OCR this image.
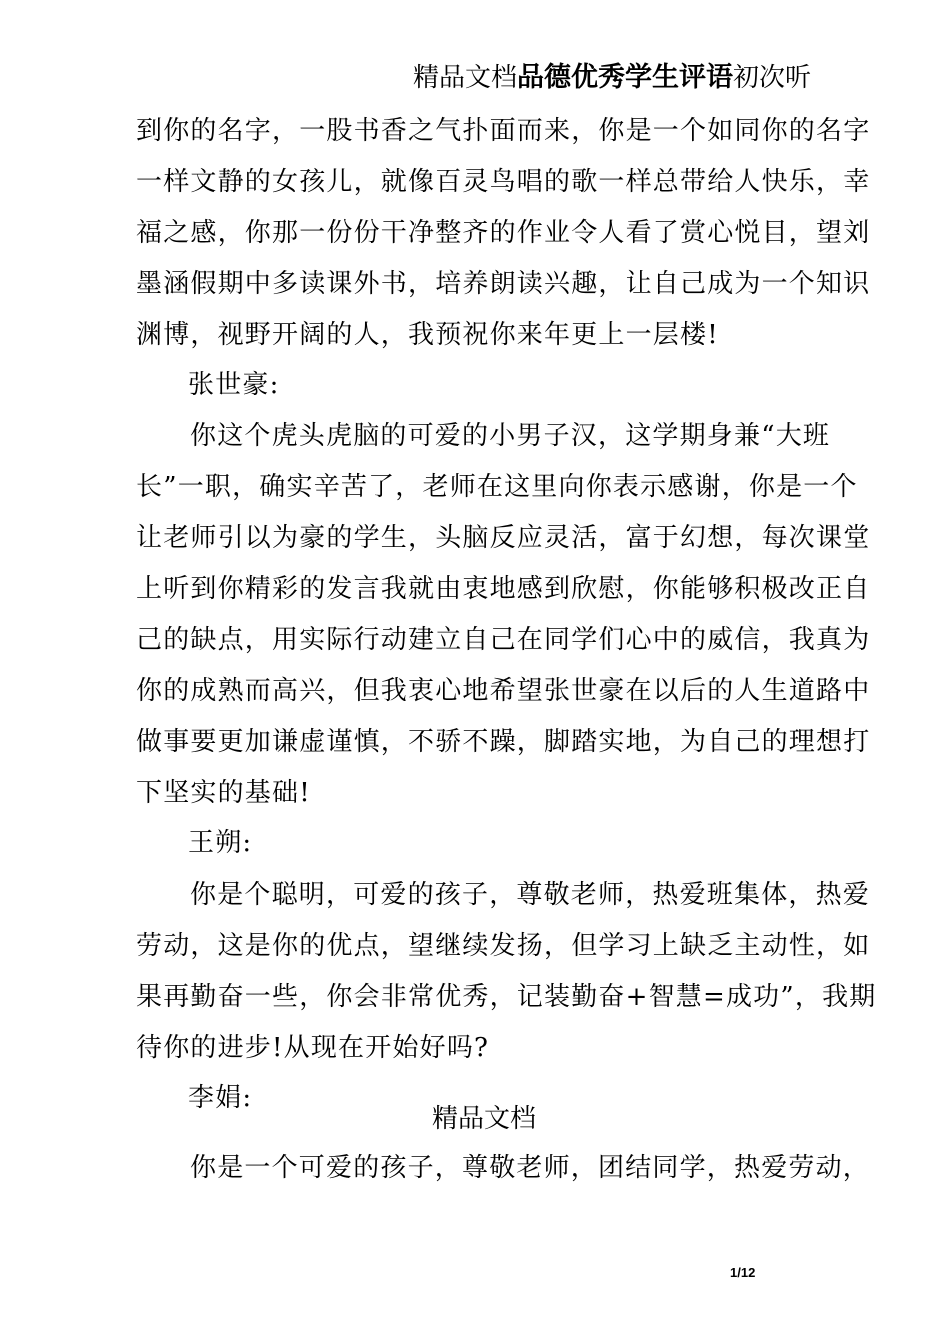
精品文档品德优秀学生评语初次听
到你的名字，一股书香之气扑面而来，你是一个如同你的名字
一样文静的女孩儿，就像百灵鸟唱的歌一样总带给人快乐，幸
福之感，你那一份份干净整齐的作业令人看了赏心悦目，望刘
墨涵假期中多读课外书，培养朗读兴趣，让自己成为一个知识
渊博，视野开阔的人，我预祝你来年更上一层楼!
张世豪:
你这个虎头虎脑的可爱的小男子汉，这学期身兼“大班
长”一职，确实辛苦了，老师在这里向你表示感谢，你是一个
让老师引以为豪的学生，头脑反应灵活，富于幻想，每次课堂
上听到你精彩的发言我就由衷地感到欣慰，你能够积极改正自
己的缺点，用实际行动建立自己在同学们心中的威信，我真为
你的成熟而高兴，但我衷心地希望张世豪在以后的人生道路中
做事要更加谦虚谨慎，不骄不躁，脚踏实地，为自己的理想打
下坚实的基础!
王朔:
你是个聪明，可爱的孩子，尊敬老师，热爱班集体，热爱
劳动，这是你的优点，望继续发扬，但学习上缺乏主动性，如
果再勤奋一些，你会非常优秀，记装勤奋+智慧=成功”，我期
待你的进步!从现在开始好吗?
李娟:
精品文档
你是一个可爱的孩子，尊敬老师，团结同学，热爱劳动，
1/12
